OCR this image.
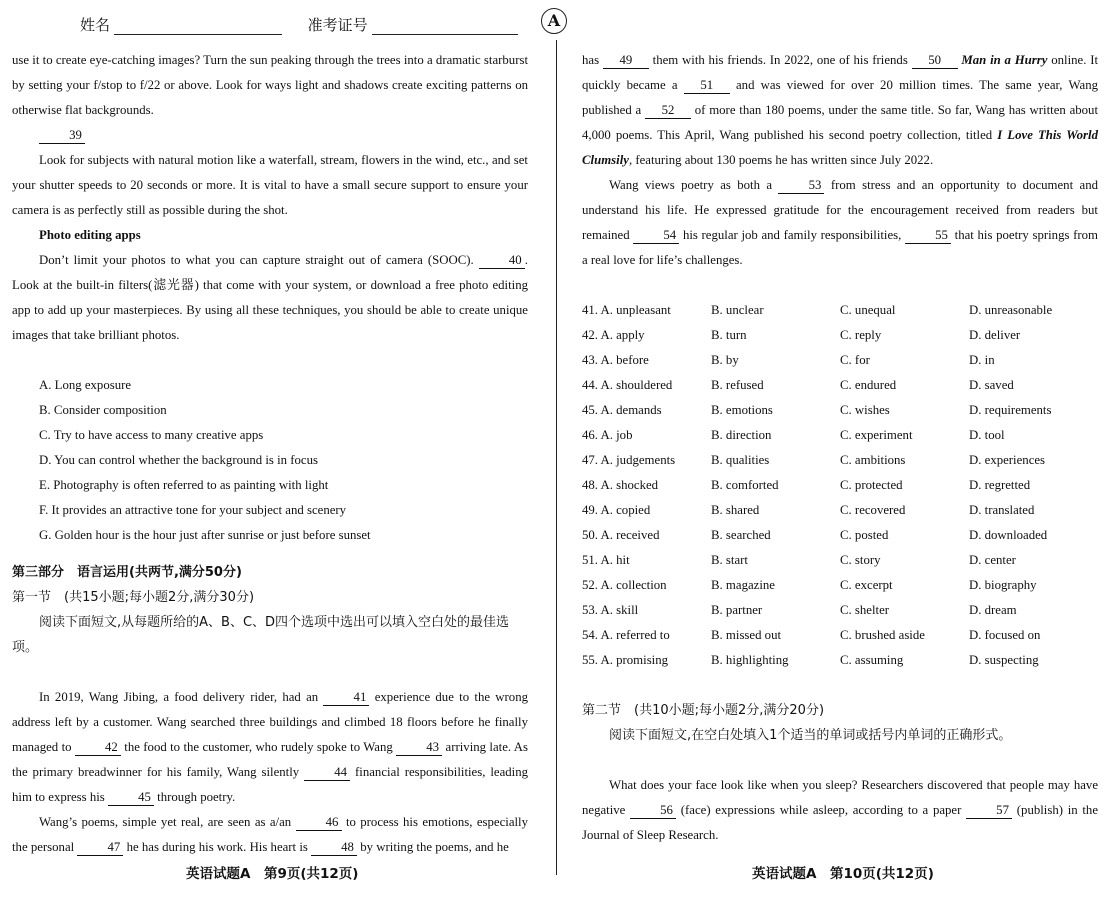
姓名	准考证号	A

use it to create eye-catching images? Turn the sun peaking through the trees into a dramatic starburst by setting your f/stop to f/22 or above. Look for ways light and shadows create exciting patterns on otherwise flat backgrounds.

39

Look for subjects with natural motion like a waterfall, stream, flowers in the wind, etc., and set your shutter speeds to 20 seconds or more. It is vital to have a small secure support to ensure your camera is as perfectly still as possible during the shot.

Photo editing apps

Don’t limit your photos to what you can capture straight out of camera (SOOC). 40 . Look at the built-in filters(滤光器) that come with your system, or download a free photo editing app to add up your masterpieces. By using all these techniques, you should be able to create unique images that take brilliant photos.

A. Long exposure
B. Consider composition
C. Try to have access to many creative apps
D. You can control whether the background is in focus
E. Photography is often referred to as painting with light
F. It provides an attractive tone for your subject and scenery
G. Golden hour is the hour just after sunrise or just before sunset
第三部分　语言运用(共两节,满分50分)
第一节　(共15小题;每小题2分,满分30分)
阅读下面短文,从每题所给的A、B、C、D四个选项中选出可以填入空白处的最佳选项。

In 2019, Wang Jibing, a food delivery rider, had an 41 experience due to the wrong address left by a customer. Wang searched three buildings and climbed 18 floors before he finally managed to 42 the food to the customer, who rudely spoke to Wang 43 arriving late. As the primary breadwinner for his family, Wang silently 44 financial responsibilities, leading him to express his 45 through poetry.

Wang’s poems, simple yet real, are seen as a/an 46 to process his emotions, especially the personal 47 he has during his work. His heart is 48 by writing the poems, and he

英语试题A　第9页(共12页)

has 49 them with his friends. In 2022, one of his friends 50 Man in a Hurry online. It quickly became a 51 and was viewed for over 20 million times. The same year, Wang published a 52 of more than 180 poems, under the same title. So far, Wang has written about 4,000 poems. This April, Wang published his second poetry collection, titled I Love This World Clumsily, featuring about 130 poems he has written since July 2022.

Wang views poetry as both a 53 from stress and an opportunity to document and understand his life. He expressed gratitude for the encouragement received from readers but remained 54 his regular job and family responsibilities, 55 that his poetry springs from a real love for life’s challenges.

41. A. unpleasant	B. unclear	C. unequal	D. unreasonable
42. A. apply	B. turn	C. reply	D. deliver
43. A. before	B. by	C. for	D. in
44. A. shouldered	B. refused	C. endured	D. saved
45. A. demands	B. emotions	C. wishes	D. requirements
46. A. job	B. direction	C. experiment	D. tool
47. A. judgements	B. qualities	C. ambitions	D. experiences
48. A. shocked	B. comforted	C. protected	D. regretted
49. A. copied	B. shared	C. recovered	D. translated
50. A. received	B. searched	C. posted	D. downloaded
51. A. hit	B. start	C. story	D. center
52. A. collection	B. magazine	C. excerpt	D. biography
53. A. skill	B. partner	C. shelter	D. dream
54. A. referred to	B. missed out	C. brushed aside	D. focused on
55. A. promising	B. highlighting	C. assuming	D. suspecting
第二节　(共10小题;每小题2分,满分20分)
阅读下面短文,在空白处填入1个适当的单词或括号内单词的正确形式。

What does your face look like when you sleep? Researchers discovered that people may have negative 56 (face) expressions while asleep, according to a paper 57 (publish) in the Journal of Sleep Research.

英语试题A　第10页(共12页)
